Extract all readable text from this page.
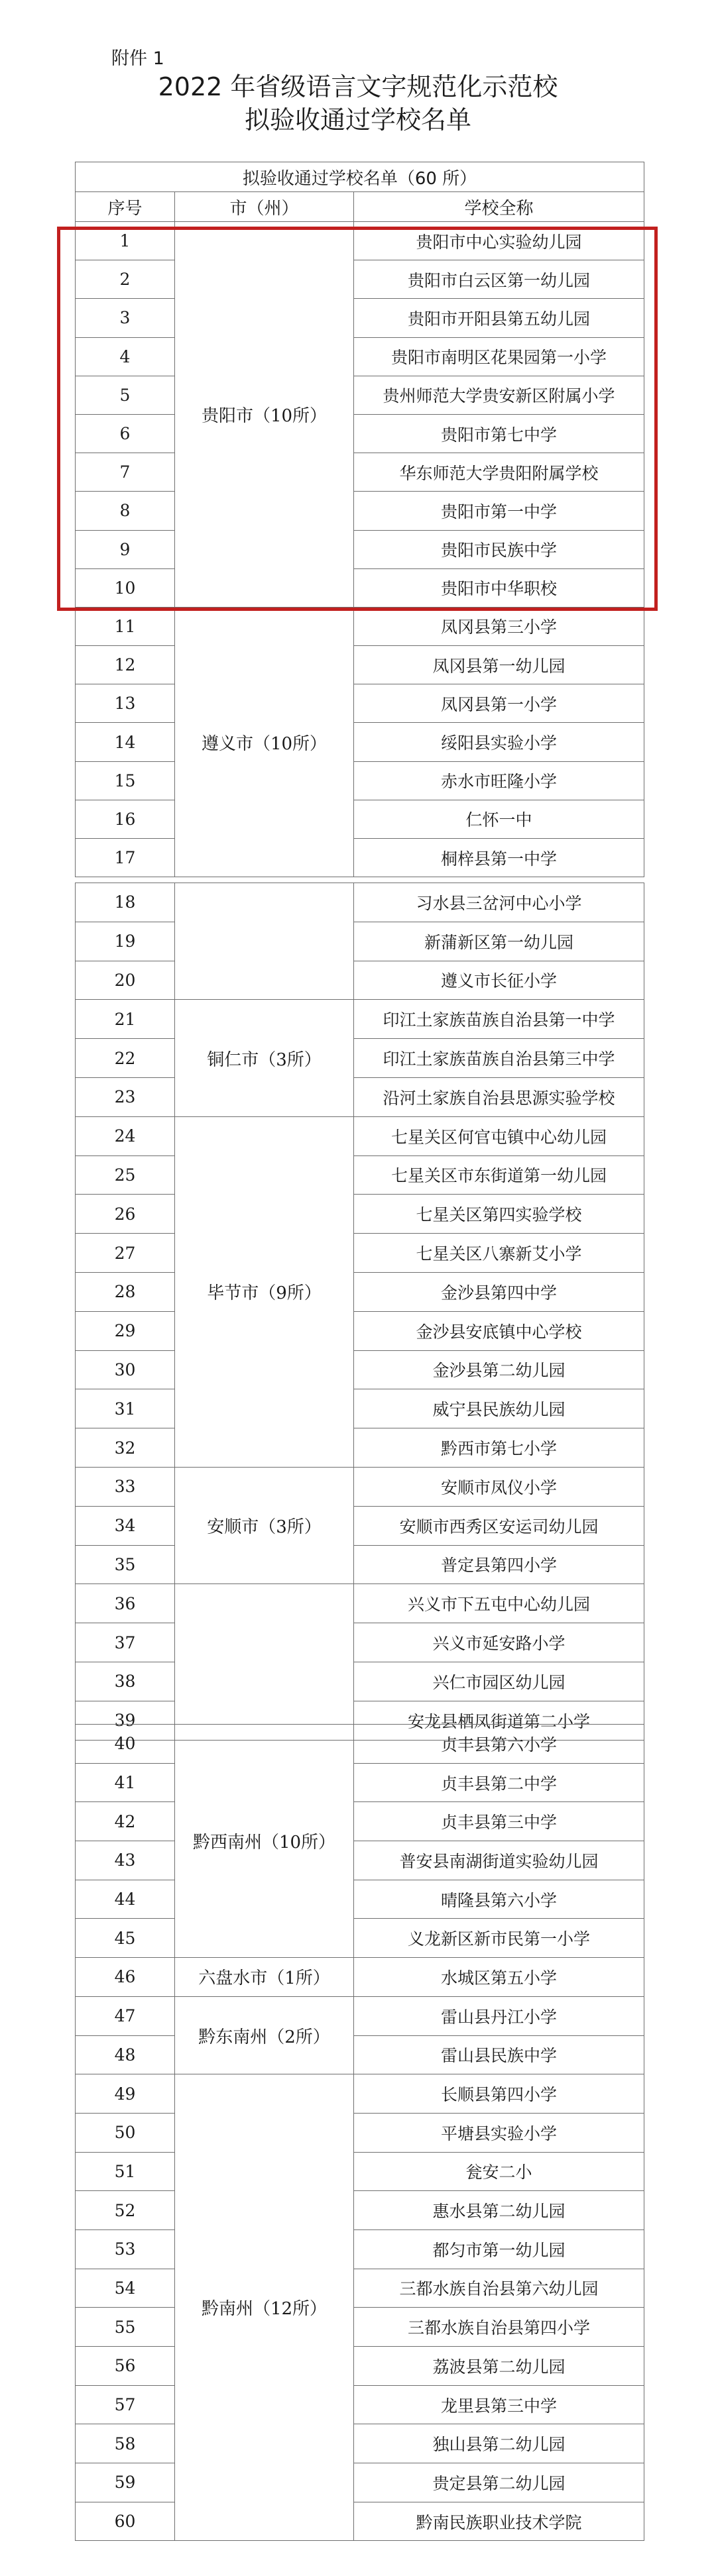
附件 1
2022 年省级语言文字规范化示范校
拟验收通过学校名单
拟验收通过学校名单（60 所）		
序号	市（州）	学校全称
1	贵阳市（10所）	贵阳市中心实验幼儿园
2		贵阳市白云区第一幼儿园
3		贵阳市开阳县第五幼儿园
4		贵阳市南明区花果园第一小学
5		贵州师范大学贵安新区附属小学
6		贵阳市第七中学
7		华东师范大学贵阳附属学校
8		贵阳市第一中学
9		贵阳市民族中学
10		贵阳市中华职校
11	遵义市（10所）	凤冈县第三小学
12		凤冈县第一幼儿园
13		凤冈县第一小学
14		绥阳县实验小学
15		赤水市旺隆小学
16		仁怀一中
17		桐梓县第一中学
18		习水县三岔河中心小学
19		新蒲新区第一幼儿园
20		遵义市长征小学
21	铜仁市（3所）	印江土家族苗族自治县第一中学
22		印江土家族苗族自治县第三中学
23		沿河土家族自治县思源实验学校
24	毕节市（9所）	七星关区何官屯镇中心幼儿园
25		七星关区市东街道第一幼儿园
26		七星关区第四实验学校
27		七星关区八寨新艾小学
28		金沙县第四中学
29		金沙县安底镇中心学校
30		金沙县第二幼儿园
31		威宁县民族幼儿园
32		黔西市第七小学
33	安顺市（3所）	安顺市凤仪小学
34		安顺市西秀区安运司幼儿园
35		普定县第四小学
36		兴义市下五屯中心幼儿园
37		兴义市延安路小学
38		兴仁市园区幼儿园
39		安龙县栖凤街道第二小学
40	黔西南州（10所）	贞丰县第六小学
41		贞丰县第二中学
42		贞丰县第三中学
43		普安县南湖街道实验幼儿园
44		晴隆县第六小学
45		义龙新区新市民第一小学
46	六盘水市（1所）	水城区第五小学
47	黔东南州（2所）	雷山县丹江小学
48		雷山县民族中学
49	黔南州（12所）	长顺县第四小学
50		平塘县实验小学
51		瓮安二小
52		惠水县第二幼儿园
53		都匀市第一幼儿园
54		三都水族自治县第六幼儿园
55		三都水族自治县第四小学
56		荔波县第二幼儿园
57		龙里县第三中学
58		独山县第二幼儿园
59		贵定县第二幼儿园
60		黔南民族职业技术学院
